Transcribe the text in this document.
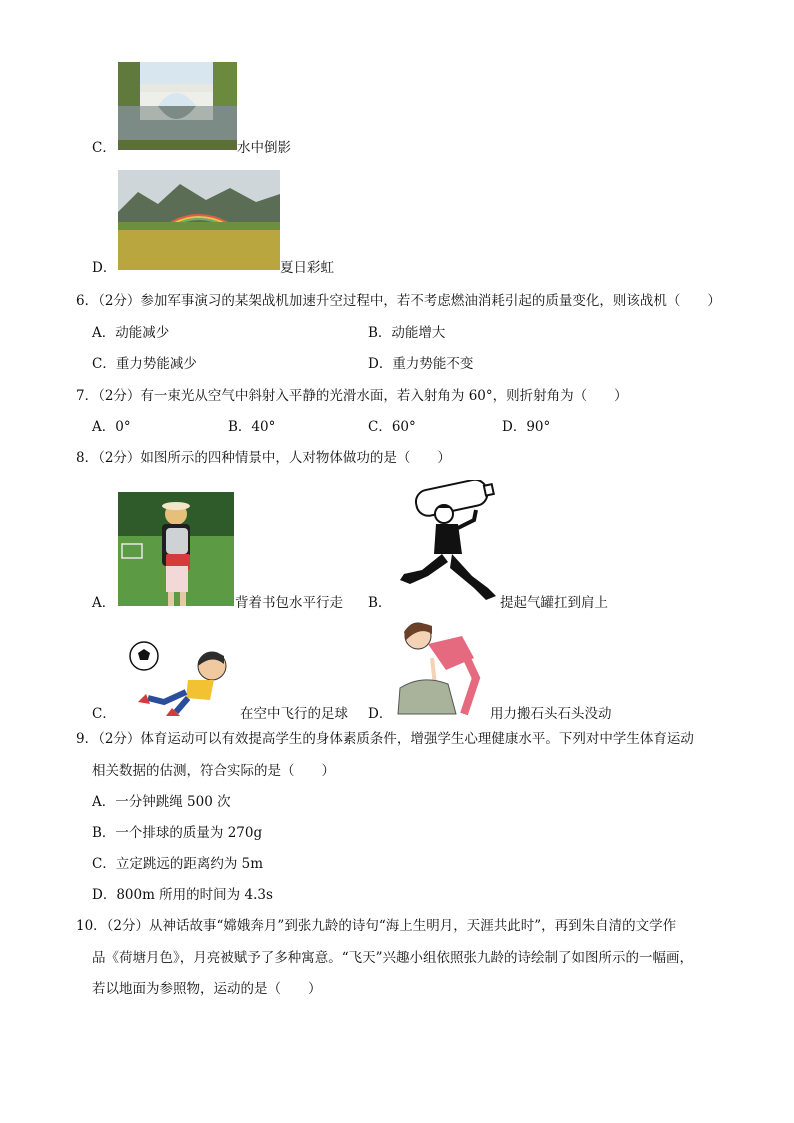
C．	水中倒影
D．	夏日彩虹
6．（2分）参加军事演习的某架战机加速升空过程中，若不考虑燃油消耗引起的质量变化，则该战机（　　）
A．动能减少	B．动能增大
C．重力势能减少	D．重力势能不变
7．（2分）有一束光从空气中斜射入平静的光滑水面，若入射角为 60°，则折射角为（　　）
A．0°	B．40°	C．60°	D．90°
8．（2分）如图所示的四种情景中，人对物体做功的是（　　）
A．	背着书包水平行走 B．	提起气罐扛到肩上
C．	在空中飞行的足球 D．	用力搬石头石头没动
9．（2分）体育运动可以有效提高学生的身体素质条件，增强学生心理健康水平。下列对中学生体育运动
相关数据的估测，符合实际的是（　　）
A．一分钟跳绳 500 次
B．一个排球的质量为 270g
C．立定跳远的距离约为 5m
D．800m 所用的时间为 4.3s
10．（2分）从神话故事“嫦娥奔月”到张九龄的诗句“海上生明月，天涯共此时”，再到朱自清的文学作
品《荷塘月色》，月亮被赋予了多种寓意。“飞天”兴趣小组依照张九龄的诗绘制了如图所示的一幅画，
若以地面为参照物，运动的是（　　）
